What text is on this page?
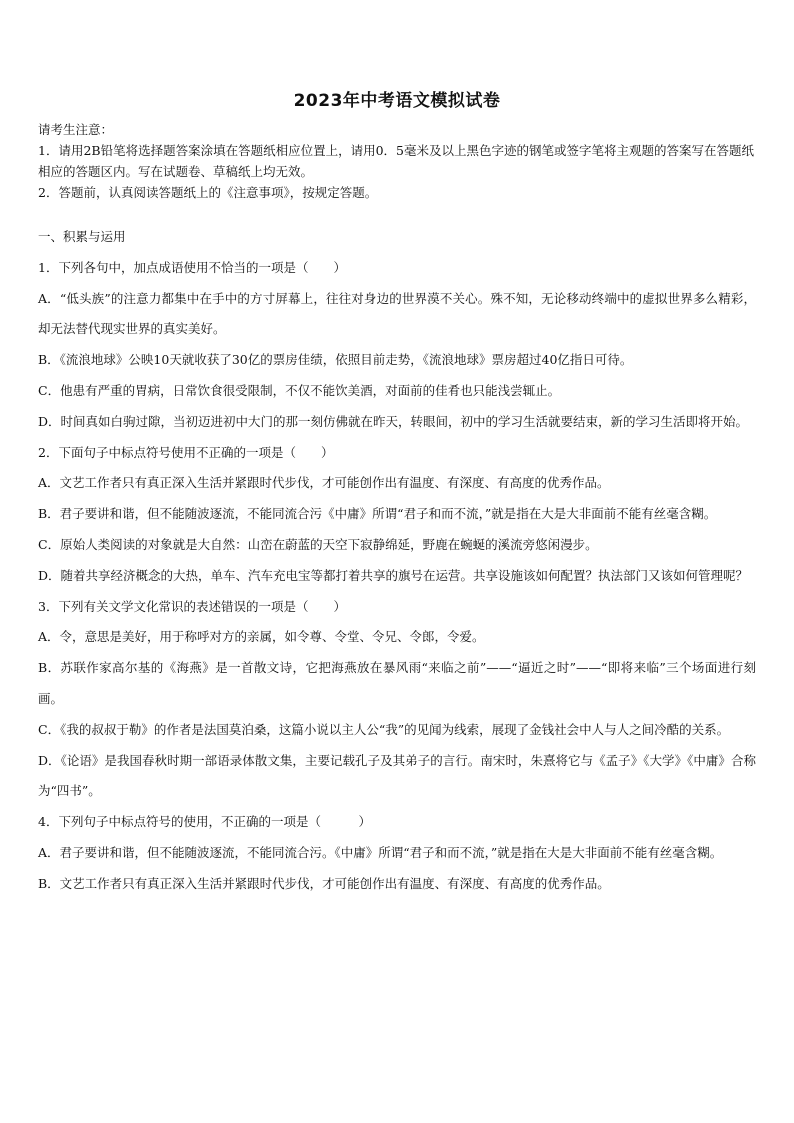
2023年中考语文模拟试卷

请考生注意：

1．请用2B铅笔将选择题答案涂填在答题纸相应位置上，请用0．5毫米及以上黑色字迹的钢笔或签字笔将主观题的答案写在答题纸相应的答题区内。写在试题卷、草稿纸上均无效。

2．答题前，认真阅读答题纸上的《注意事项》，按规定答题。

一、积累与运用

1．下列各句中，加点成语使用不恰当的一项是（　　）

A．“低头族”的注意力都集中在手中的方寸屏幕上，往往对身边的世界漠不关心。殊不知，无论移动终端中的虚拟世界多么精彩，却无法替代现实世界的真实美好。

B．《流浪地球》公映10天就收获了30亿的票房佳绩，依照目前走势，《流浪地球》票房超过40亿指日可待。

C．他患有严重的胃病，日常饮食很受限制，不仅不能饮美酒，对面前的佳肴也只能浅尝辄止。

D．时间真如白驹过隙，当初迈进初中大门的那一刻仿佛就在昨天，转眼间，初中的学习生活就要结束，新的学习生活即将开始。

2．下面句子中标点符号使用不正确的一项是（　　）

A．文艺工作者只有真正深入生活并紧跟时代步伐，才可能创作出有温度、有深度、有高度的优秀作品。

B．君子要讲和谐，但不能随波逐流，不能同流合污《中庸》所谓“君子和而不流，”就是指在大是大非面前不能有丝毫含糊。

C．原始人类阅读的对象就是大自然：山峦在蔚蓝的天空下寂静绵延，野鹿在蜿蜒的溪流旁悠闲漫步。

D．随着共享经济概念的大热，单车、汽车充电宝等都打着共享的旗号在运营。共享设施该如何配置？执法部门又该如何管理呢？

3．下列有关文学文化常识的表述错误的一项是（　　）

A．令，意思是美好，用于称呼对方的亲属，如令尊、令堂、令兄、令郎，令爱。

B．苏联作家高尔基的《海燕》是一首散文诗，它把海燕放在暴风雨“来临之前”——“逼近之时”——“即将来临”三个场面进行刻画。

C．《我的叔叔于勒》的作者是法国莫泊桑，这篇小说以主人公“我”的见闻为线索，展现了金钱社会中人与人之间冷酷的关系。

D．《论语》是我国春秋时期一部语录体散文集，主要记载孔子及其弟子的言行。南宋时，朱熹将它与《孟子》《大学》《中庸》合称为“四书”。

4．下列句子中标点符号的使用，不正确的一项是（　　　）

A．君子要讲和谐，但不能随波逐流，不能同流合污。《中庸》所谓“君子和而不流，”就是指在大是大非面前不能有丝毫含糊。

B．文艺工作者只有真正深入生活并紧跟时代步伐，才可能创作出有温度、有深度、有高度的优秀作品。
